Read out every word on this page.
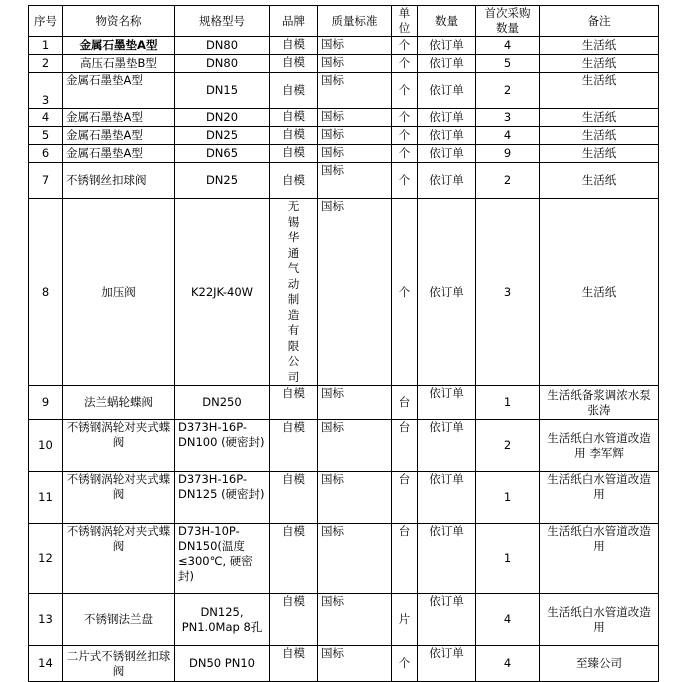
序号	物资名称	规格型号	品牌	质量标准	单位	数量	首次采购数量	备注
1	金属石墨垫A型	DN80	自模	国标	个	依订单	4	生活纸
2	高压石墨垫B型	DN80	自模	国标	个	依订单	5	生活纸
3	金属石墨垫A型	DN15	自模	国标	个	依订单	2	生活纸
4	金属石墨垫A型	DN20	自模	国标	个	依订单	3	生活纸
5	金属石墨垫A型	DN25	自模	国标	个	依订单	4	生活纸
6	金属石墨垫A型	DN65	自模	国标	个	依订单	9	生活纸
7	不锈钢丝扣球阀	DN25	自模	国标	个	依订单	2	生活纸
8	加压阀	K22JK-40W	无锡华通气动制造有限公司	国标	个	依订单	3	生活纸
9	法兰蜗轮蝶阀	DN250	自模	国标	台	依订单	1	生活纸备浆调浓水泵 张涛
10	不锈钢涡轮对夹式蝶阀	D373H-16P-DN100 (硬密封)	自模	国标	台	依订单	2	生活纸白水管道改造用 李军辉
11	不锈钢涡轮对夹式蝶阀	D373H-16P-DN125 (硬密封)	自模	国标	台	依订单	1	生活纸白水管道改造用
12	不锈钢涡轮对夹式蝶阀	D73H-10P-DN150(温度≤300℃, 硬密封)	自模	国标	台	依订单	1	生活纸白水管道改造用
13	不锈钢法兰盘	DN125, PN1.0Map 8孔	自模	国标	片	依订单	4	生活纸白水管道改造用
14	二片式不锈钢丝扣球阀	DN50 PN10	自模	国标	个	依订单	4	至臻公司
